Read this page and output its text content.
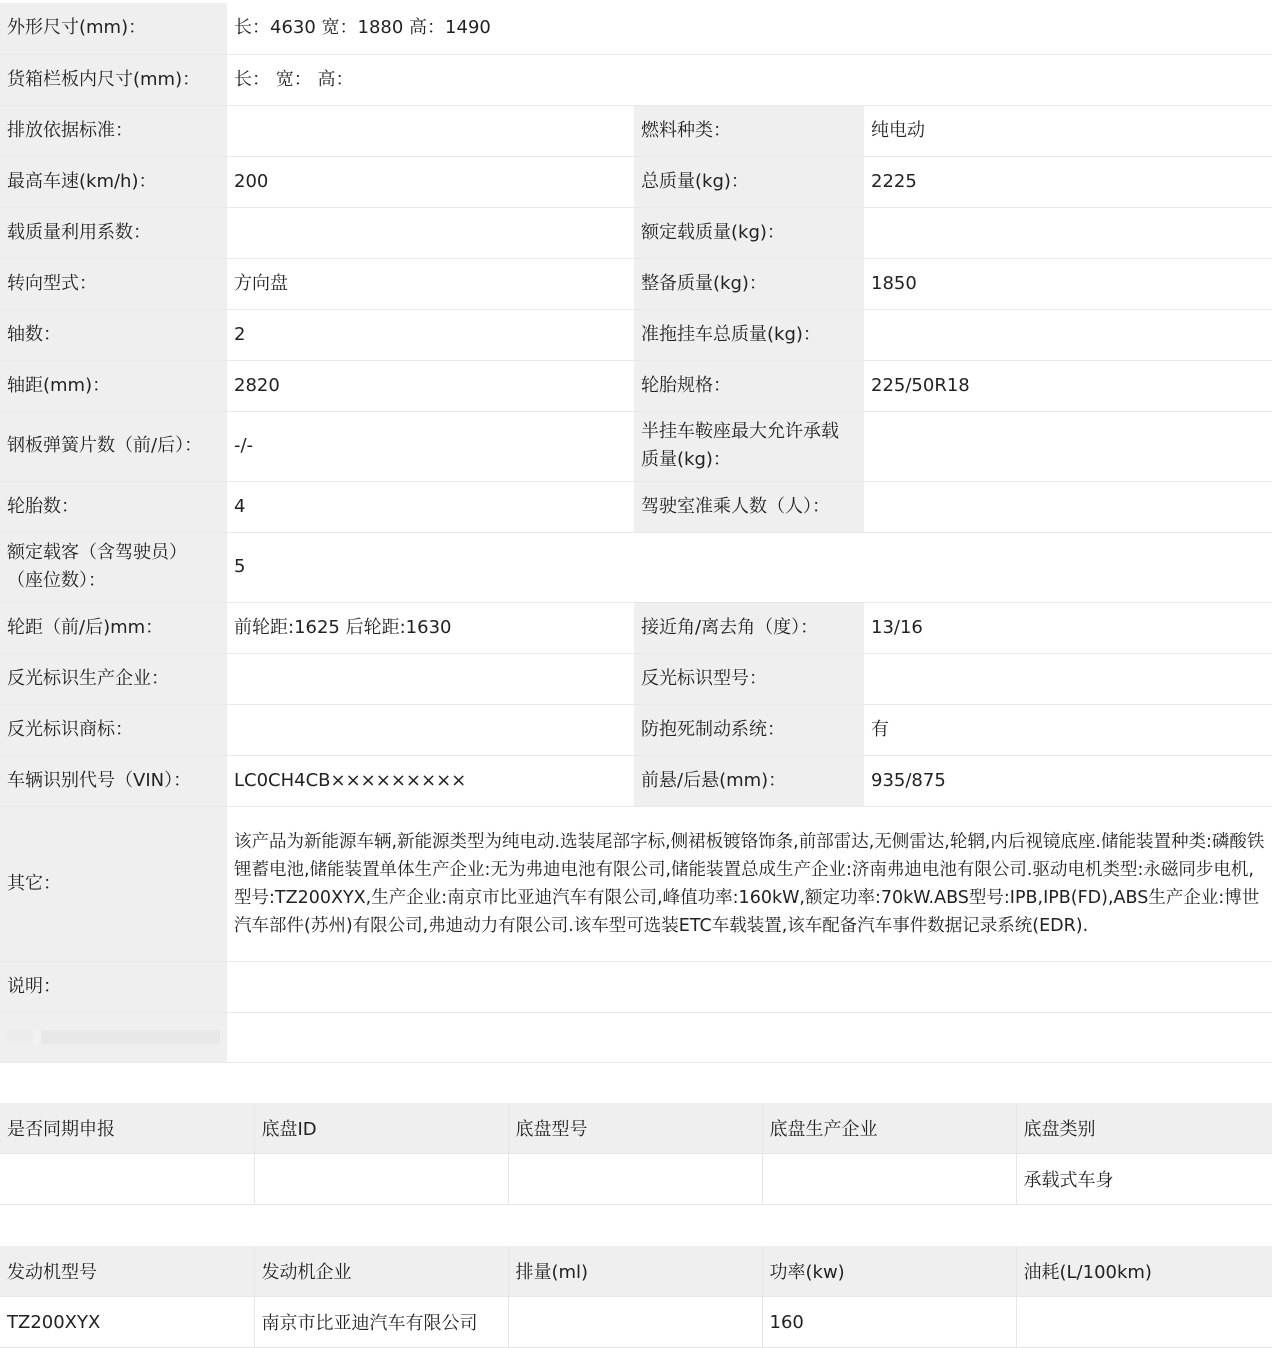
外形尺寸(mm)：	长：4630 宽：1880 高：1490		
货箱栏板内尺寸(mm)：	长： 宽： 高：		
排放依据标准：		燃料种类：	纯电动
最高车速(km/h)：	200	总质量(kg)：	2225
载质量利用系数：		额定载质量(kg)：	
转向型式：	方向盘	整备质量(kg)：	1850
轴数：	2	准拖挂车总质量(kg)：	
轴距(mm)：	2820	轮胎规格：	225/50R18
钢板弹簧片数（前/后）：	-/-	半挂车鞍座最大允许承载
质量(kg)：	
轮胎数：	4	驾驶室准乘人数（人）：	
额定载客（含驾驶员）
（座位数）：	5		
轮距（前/后)mm：	前轮距:1625 后轮距:1630	接近角/离去角（度）：	13/16
反光标识生产企业：		反光标识型号：	
反光标识商标：		防抱死制动系统：	有
车辆识别代号（VIN）：	LC0CH4CB×××××××××	前悬/后悬(mm)：	935/875
其它：	该产品为新能源车辆,新能源类型为纯电动.选装尾部字标,侧裙板镀铬饰条,前部雷达,无侧雷达,轮辋,内后视镜底座.储能装置种类:磷酸铁锂蓄电池,储能装置单体生产企业:无为弗迪电池有限公司,储能装置总成生产企业:济南弗迪电池有限公司.驱动电机类型:永磁同步电机,型号:TZ200XYX,生产企业:南京市比亚迪汽车有限公司,峰值功率:160kW,额定功率:70kW.ABS型号:IPB,IPB(FD),ABS生产企业:博世汽车部件(苏州)有限公司,弗迪动力有限公司.该车型可选装ETC车载装置,该车配备汽车事件数据记录系统(EDR).		
说明：			

是否同期申报	底盘ID	底盘型号	底盘生产企业	底盘类别
				承载式车身
发动机型号	发动机企业	排量(ml)	功率(kw)	油耗(L/100km)
TZ200XYX	南京市比亚迪汽车有限公司		160	
